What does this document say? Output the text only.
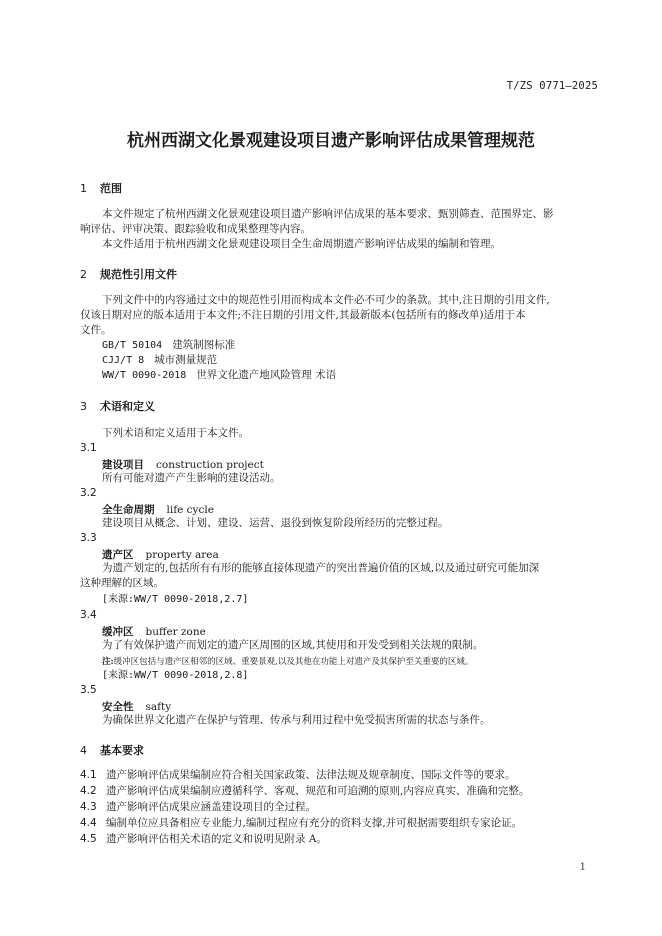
T/ZS 0771—2025
杭州西湖文化景观建设项目遗产影响评估成果管理规范
1 范围
本文件规定了杭州西湖文化景观建设项目遗产影响评估成果的基本要求、甄别筛查、范围界定、影
响评估、评审决策、跟踪验收和成果整理等内容。
本文件适用于杭州西湖文化景观建设项目全生命周期遗产影响评估成果的编制和管理。
2 规范性引用文件
下列文件中的内容通过文中的规范性引用而构成本文件必不可少的条款。其中,注日期的引用文件,
仅该日期对应的版本适用于本文件;不注日期的引用文件,其最新版本(包括所有的修改单)适用于本
文件。
GB/T 50104 建筑制图标准
CJJ/T 8 城市测量规范
WW/T 0090-2018 世界文化遗产地风险管理 术语
3 术语和定义
下列术语和定义适用于本文件。
3.1
建设项目 construction project
所有可能对遗产产生影响的建设活动。
3.2
全生命周期 life cycle
建设项目从概念、计划、建设、运营、退役到恢复阶段所经历的完整过程。
3.3
遗产区 property area
为遗产划定的,包括所有有形的能够直接体现遗产的突出普遍价值的区域,以及通过研究可能加深
这种理解的区域。
[来源:WW/T 0090-2018,2.7]
3.4
缓冲区 buffer zone
为了有效保护遗产而划定的遗产区周围的区域,其使用和开发受到相关法规的限制。
注:缓冲区包括与遗产区相邻的区域、重要景观,以及其他在功能上对遗产及其保护至关重要的区域。
[来源:WW/T 0090-2018,2.8]
3.5
安全性 safty
为确保世界文化遗产在保护与管理、传承与利用过程中免受损害所需的状态与条件。
4 基本要求
4.1 遗产影响评估成果编制应符合相关国家政策、法律法规及规章制度、国际文件等的要求。
4.2 遗产影响评估成果编制应遵循科学、客观、规范和可追溯的原则,内容应真实、准确和完整。
4.3 遗产影响评估成果应涵盖建设项目的全过程。
4.4 编制单位应具备相应专业能力,编制过程应有充分的资料支撑,并可根据需要组织专家论证。
4.5 遗产影响评估相关术语的定义和说明见附录 A。
1
